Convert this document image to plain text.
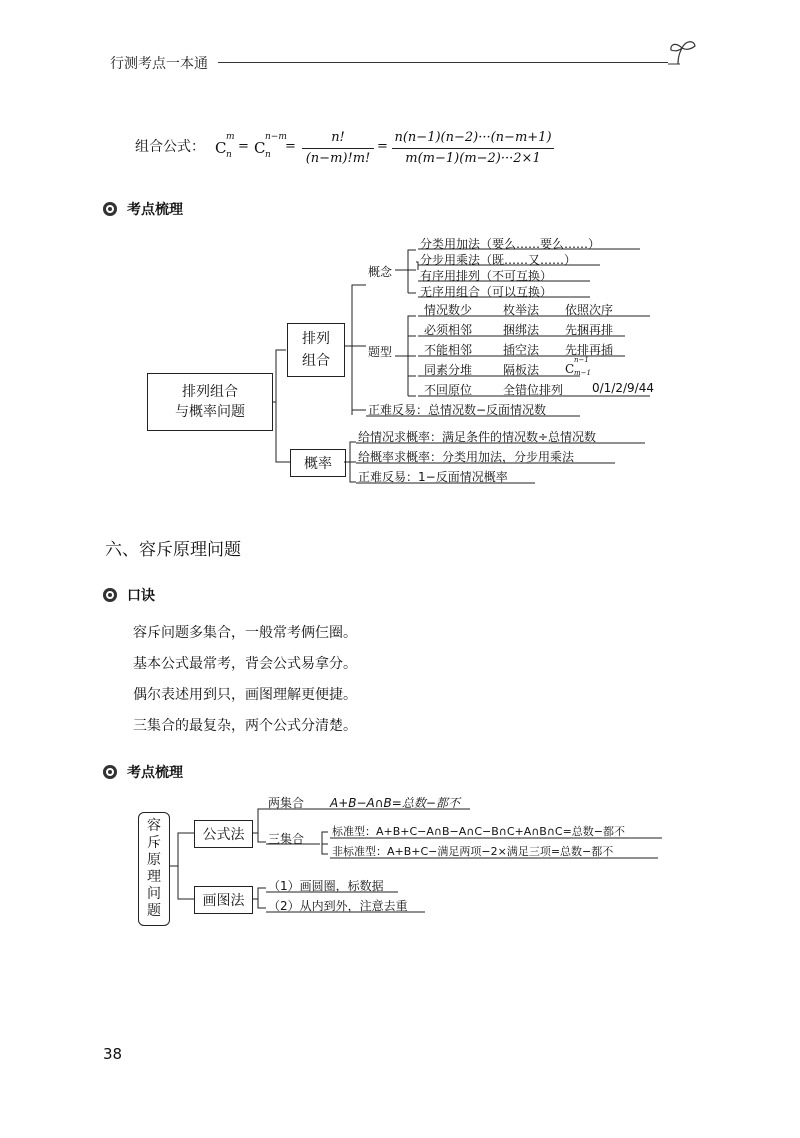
行测考点一本通
组合公式： C
m
n
= C
n−m
n
=
n!
(n−m)!m!
=
n(n−1)(n−2)···(n−m+1)
m(m−1)(m−2)···2×1
考点梳理
排列组合
与概率问题
排列
组合
概率
概念
分类用加法（要么……要么……）
分步用乘法（既……又……）
有序用排列（不可互换）
无序用组合（可以互换）
题型
情况数少	枚举法 依照次序
必须相邻	捆绑法 先捆再排
不能相邻	插空法 先排再插
同素分堆	隔板法 C
n−1
m−1
不回原位	全错位排列 0/1/2/9/44
正难反易：总情况数−反面情况数
给情况求概率：满足条件的情况数÷总情况数
给概率求概率：分类用加法，分步用乘法
正难反易：1−反面情况概率
六、容斥原理问题
口诀
容斥问题多集合，一般常考俩仨圈。
基本公式最常考，背会公式易拿分。
偶尔表述用到只，画图理解更便捷。
三集合的最复杂，两个公式分清楚。
考点梳理
容
斥
原
理
问
题
公式法
画图法
两集合 A+B−A∩B=总数−都不
三集合
标准型：A+B+C−A∩B−A∩C−B∩C+A∩B∩C=总数−都不
非标准型：A+B+C−满足两项−2×满足三项=总数−都不
（1）画圆圈，标数据
（2）从内到外，注意去重
38
